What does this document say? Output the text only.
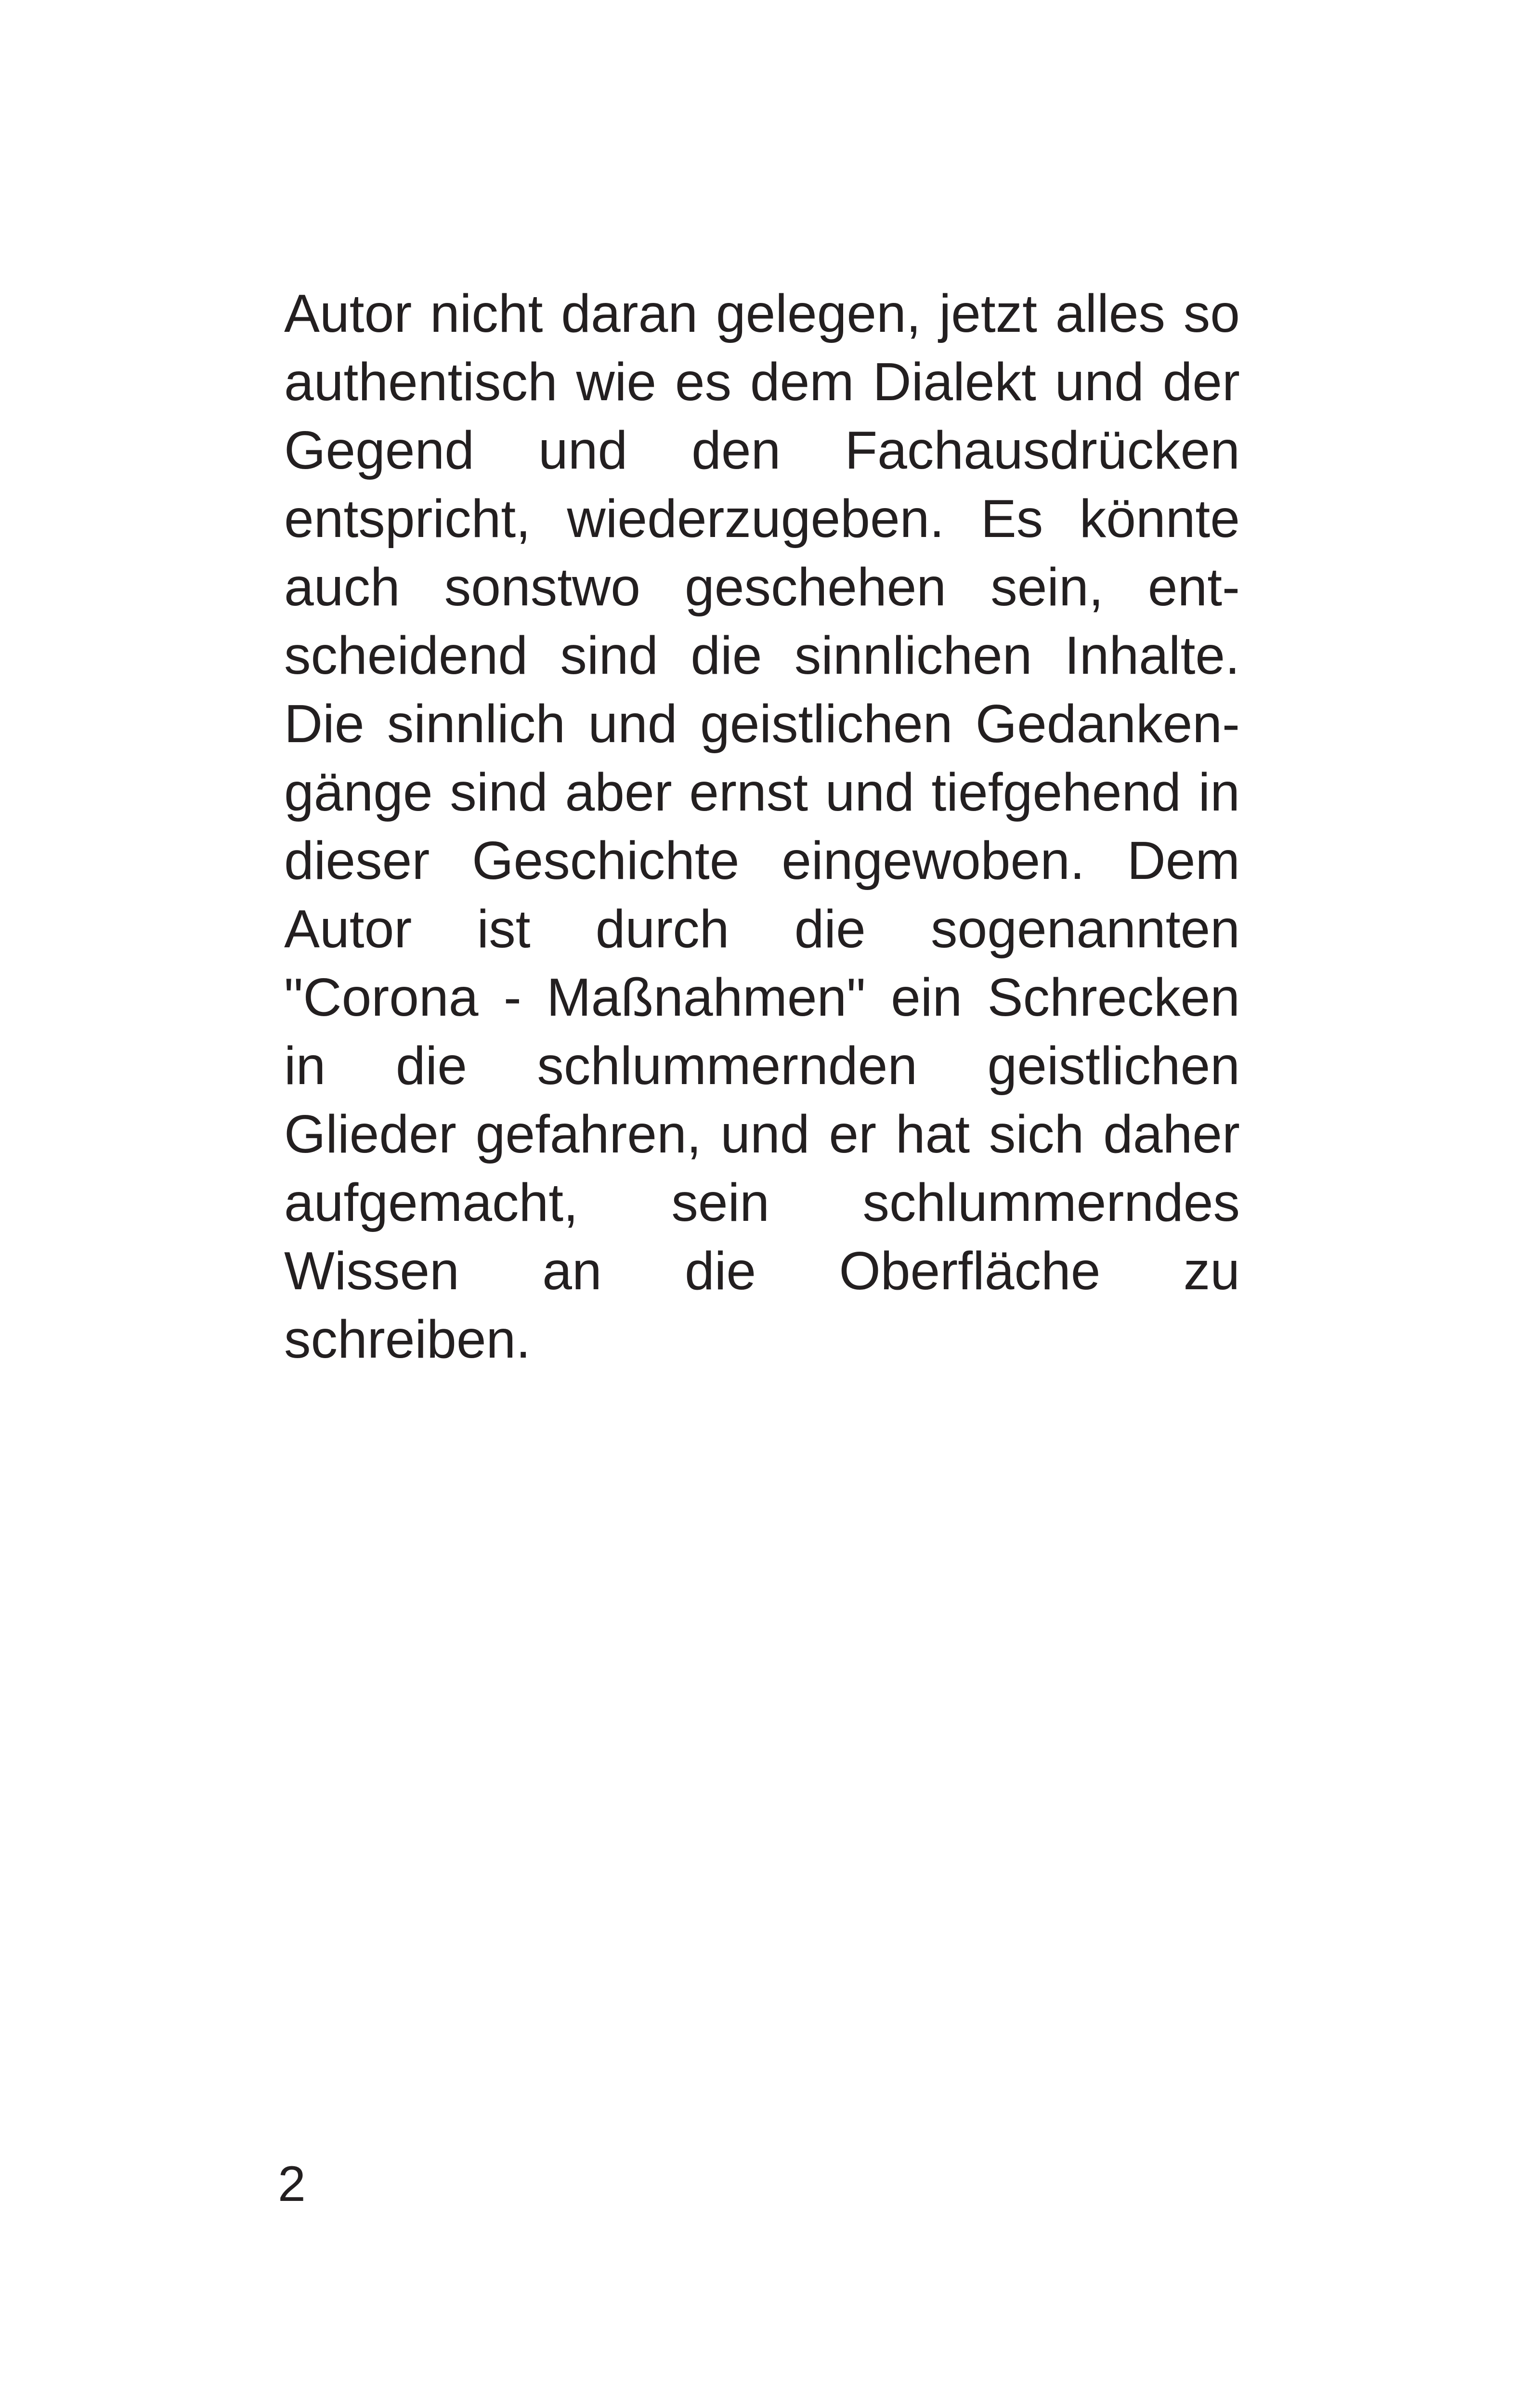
Autor nicht daran gelegen, jetzt alles so
authentisch wie es dem Dialekt und der
Gegend und den Fachausdrücken
entspricht, wiederzugeben. Es könnte
auch sonstwo geschehen sein, ent-
scheidend sind die sinnlichen Inhalte.
Die sinnlich und geistlichen Gedanken-
gänge sind aber ernst und tiefgehend in
dieser Geschichte eingewoben. Dem
Autor ist durch die sogenannten
"Corona - Maßnahmen" ein Schrecken
in die schlummernden geistlichen
Glieder gefahren, und er hat sich daher
aufgemacht, sein schlummerndes
Wissen an die Oberfläche zu
schreiben.
2
